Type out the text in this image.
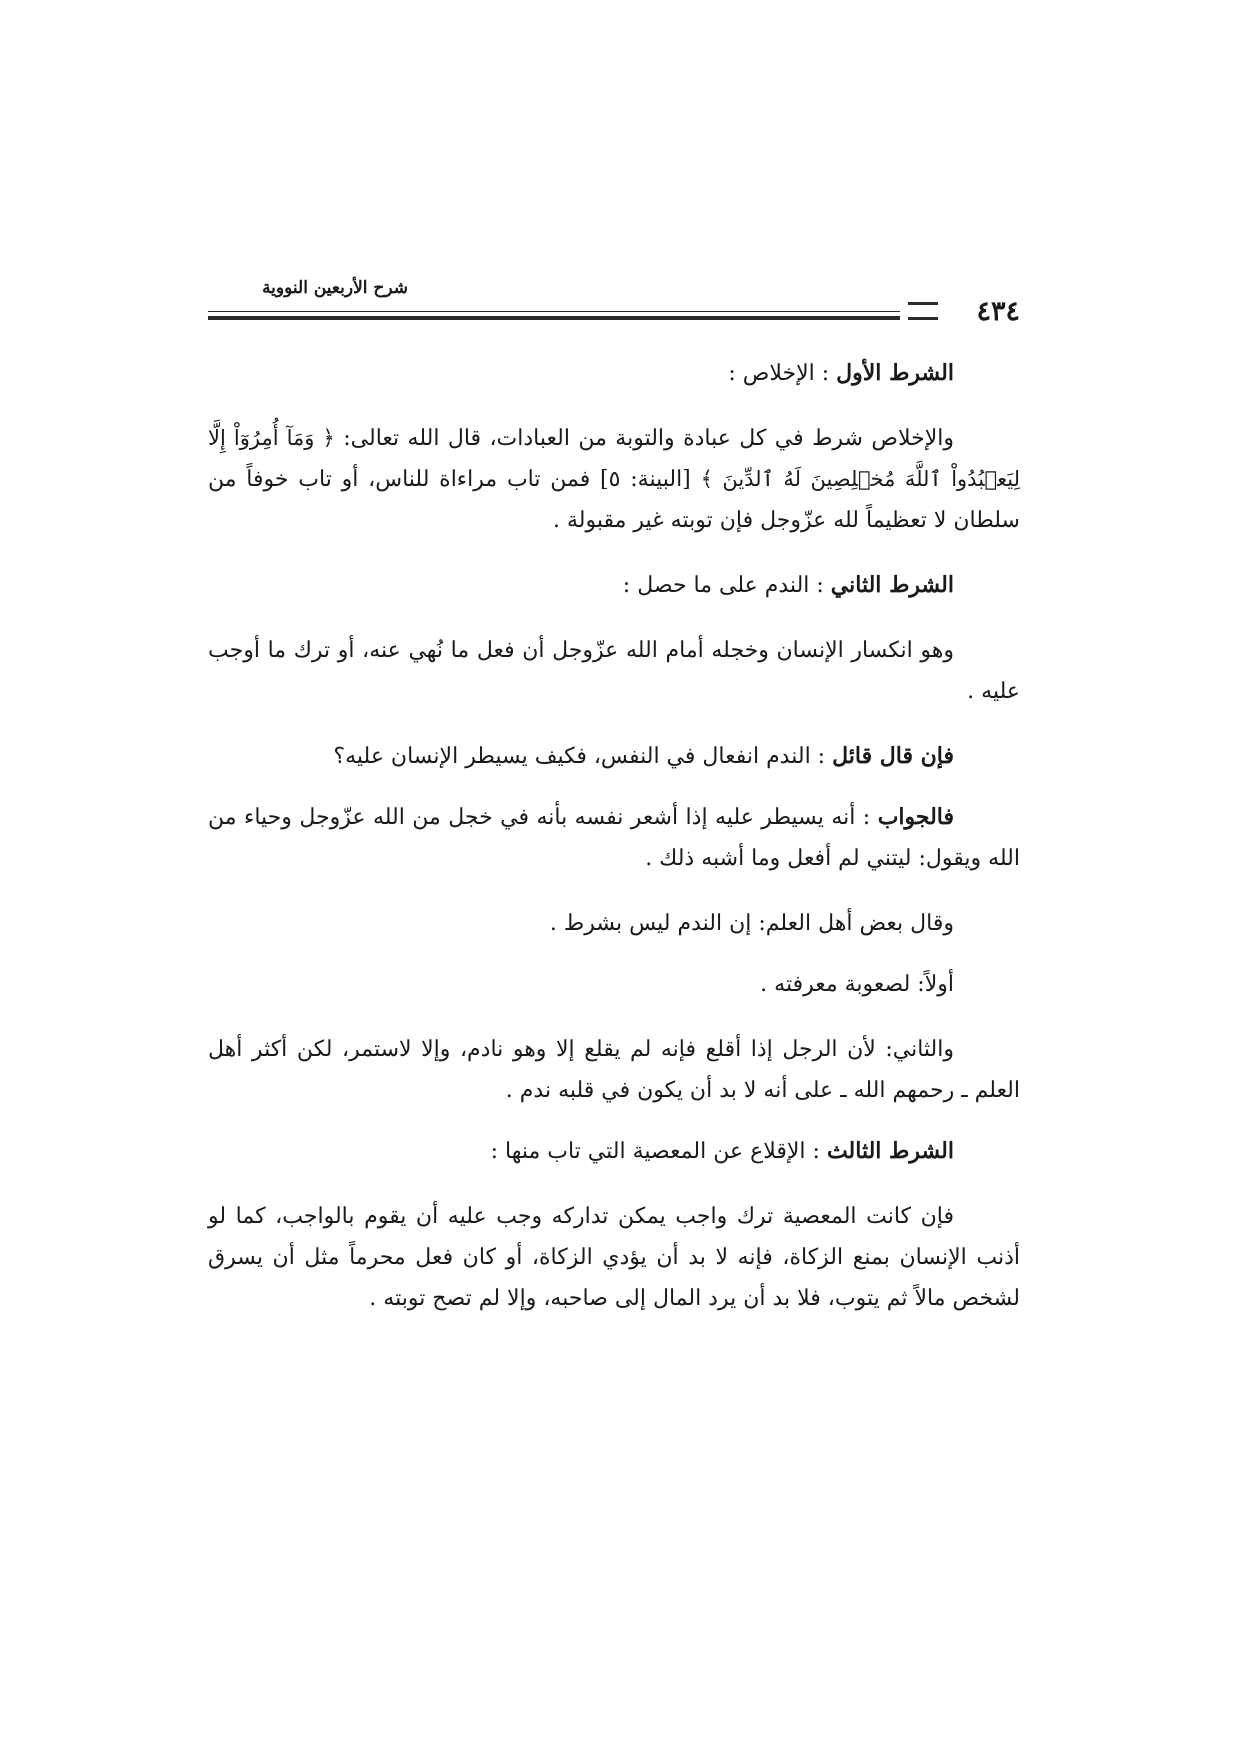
شرح الأربعين النووية
٤٣٤

الشرط الأول : الإخلاص :

والإخلاص شرط في كل عبادة والتوبة من العبادات، قال الله تعالى: ﴿ وَمَآ أُمِرُوٓاْ إِلَّا لِيَعۡبُدُواْ ٱللَّهَ مُخۡلِصِينَ لَهُ ٱلدِّينَ ﴾ [البينة: ٥] فمن تاب مراءاة للناس، أو تاب خوفاً من سلطان لا تعظيماً لله عزّوجل فإن توبته غير مقبولة .

الشرط الثاني : الندم على ما حصل :

وهو انكسار الإنسان وخجله أمام الله عزّوجل أن فعل ما نُهي عنه، أو ترك ما أوجب عليه .

فإن قال قائل : الندم انفعال في النفس، فكيف يسيطر الإنسان عليه؟

فالجواب : أنه يسيطر عليه إذا أشعر نفسه بأنه في خجل من الله عزّوجل وحياء من الله ويقول: ليتني لم أفعل وما أشبه ذلك .

وقال بعض أهل العلم: إن الندم ليس بشرط .

أولاً: لصعوبة معرفته .

والثاني: لأن الرجل إذا أقلع فإنه لم يقلع إلا وهو نادم، وإلا لاستمر، لكن أكثر أهل العلم ـ رحمهم الله ـ على أنه لا بد أن يكون في قلبه ندم .

الشرط الثالث : الإقلاع عن المعصية التي تاب منها :

فإن كانت المعصية ترك واجب يمكن تداركه وجب عليه أن يقوم بالواجب، كما لو أذنب الإنسان بمنع الزكاة، فإنه لا بد أن يؤدي الزكاة، أو كان فعل محرماً مثل أن يسرق لشخص مالاً ثم يتوب، فلا بد أن يرد المال إلى صاحبه، وإلا لم تصح توبته .
